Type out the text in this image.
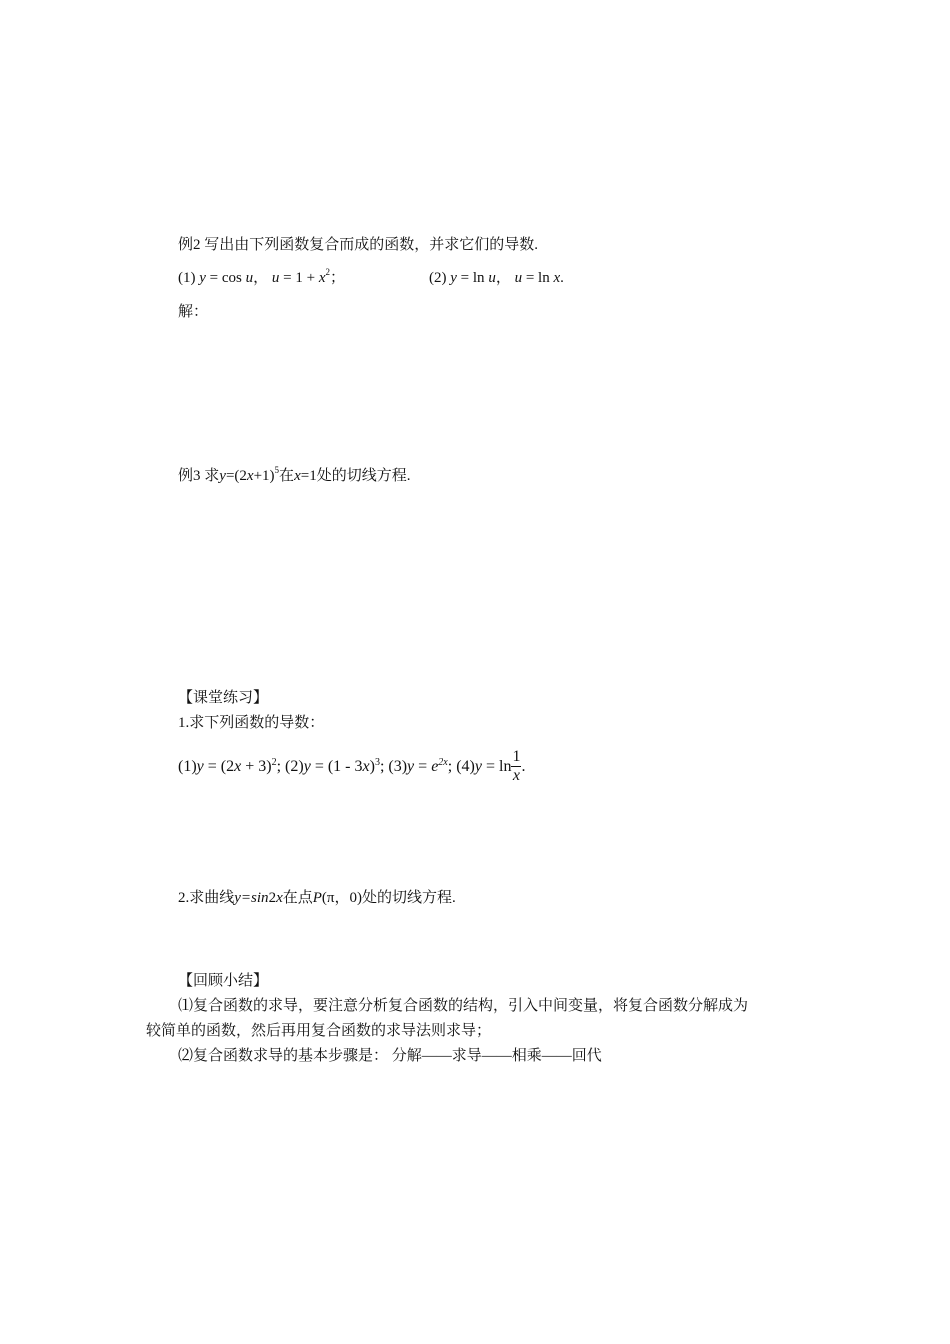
例2 写出由下列函数复合而成的函数，并求它们的导数.
(1) y = cos u， $u = 1 + x^2$；	(2) y = ln u， u = ln x.
解：
例3 求$y=(2x+1)^5$在x=1处的切线方程.
【课堂练习】
1.求下列函数的导数：
$(1)y = (2x + 3)^2$; (2)y = (1 - 3x)$^3$; $(3)y = e^{2x}$; $(4)y = \ln \frac{1}{x}$ .
2.求曲线y=sin2x在点P(π，0)处的切线方程.
【回顾小结】
⑴复合函数的求导，要注意分析复合函数的结构，引入中间变量，将复合函数分解成为
较简单的函数，然后再用复合函数的求导法则求导；
⑵复合函数求导的基本步骤是： 分解——求导——相乘——回代
